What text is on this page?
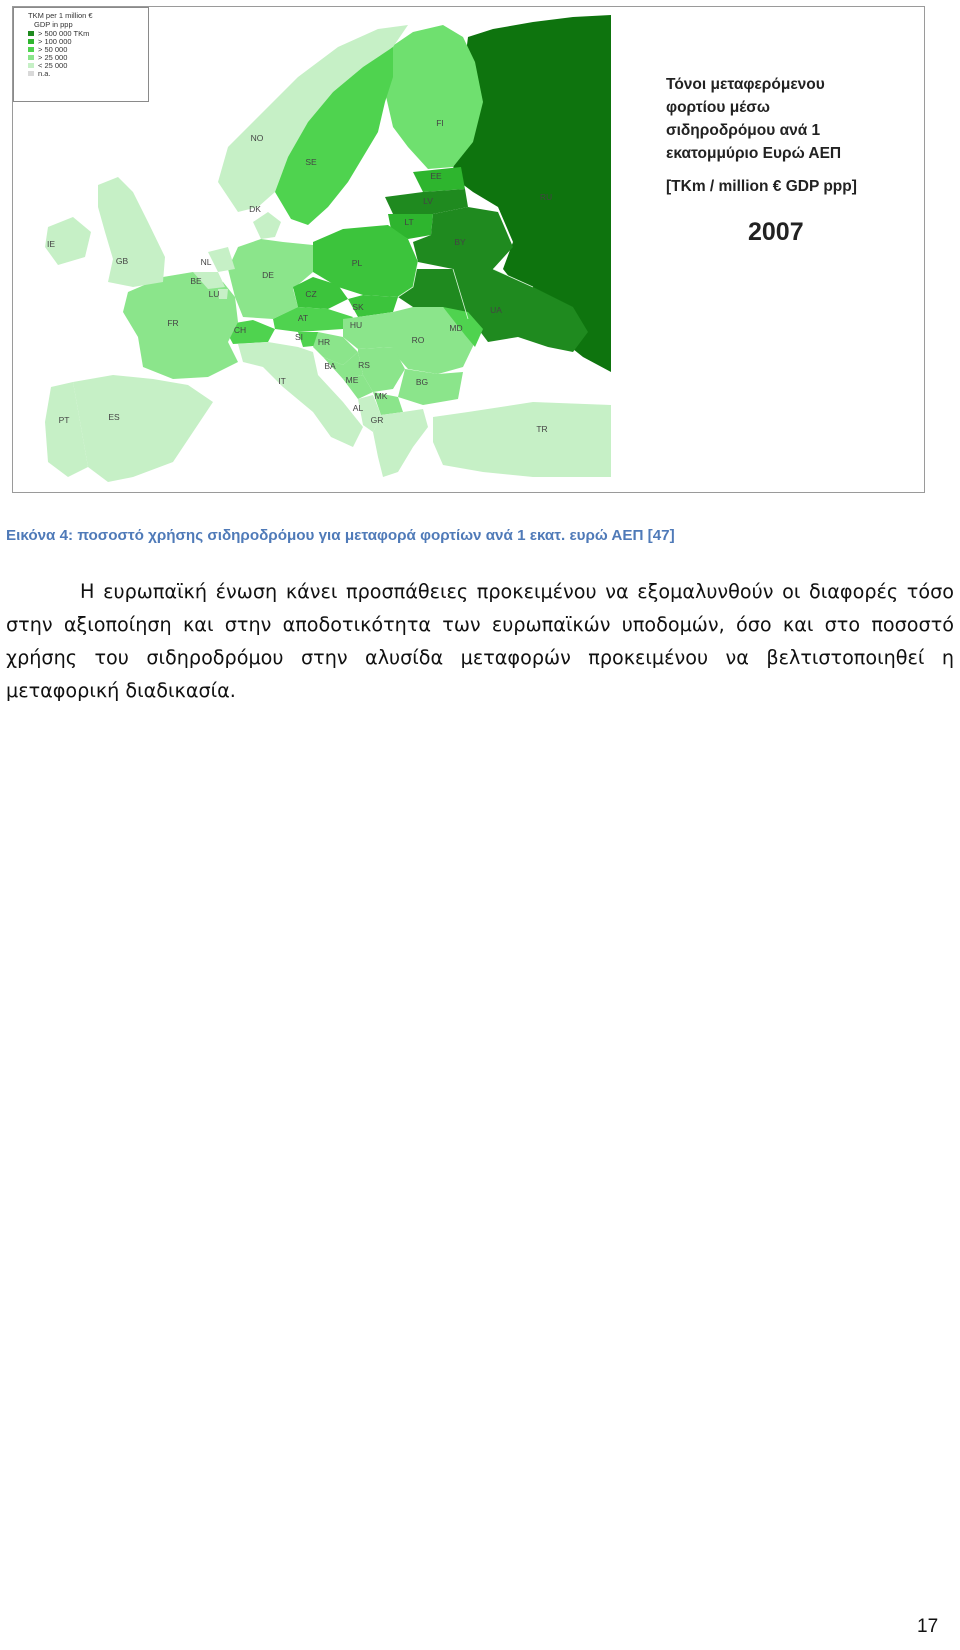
TKM per 1 million €
GDP in ppp
> 500 000 TKm
> 100 000
> 50 000
> 25 000
< 25 000
n.a.
Τόνοι μεταφερόμενου
φορτίου μέσω
σιδηροδρόμου ανά 1
εκατομμύριο Ευρώ ΑΕΠ
[TKm / million € GDP ppp]
2007
NO
SE
FI
RU
EE
LV
LT
BY
UA
PL
DK
DE
IE
GB	NL
BE
LU
FR
CH
CZ
SK
AT
HU
SI HR
BA	RS
RO
MD
BG
ME
MK
AL
GR
IT
TR
ES
PT
Εικόνα 4: ποσοστό χρήσης σιδηροδρόμου για μεταφορά φορτίων ανά 1 εκατ. ευρώ ΑΕΠ [47]
Η ευρωπαϊκή ένωση κάνει προσπάθειες προκειμένου να εξομαλυνθούν οι διαφορές τόσο στην αξιοποίηση και στην αποδοτικότητα των ευρωπαϊκών υποδομών, όσο και στο ποσοστό χρήσης του σιδηροδρόμου στην αλυσίδα μεταφορών προκειμένου να βελτιστοποιηθεί η μεταφορική διαδικασία.
17
